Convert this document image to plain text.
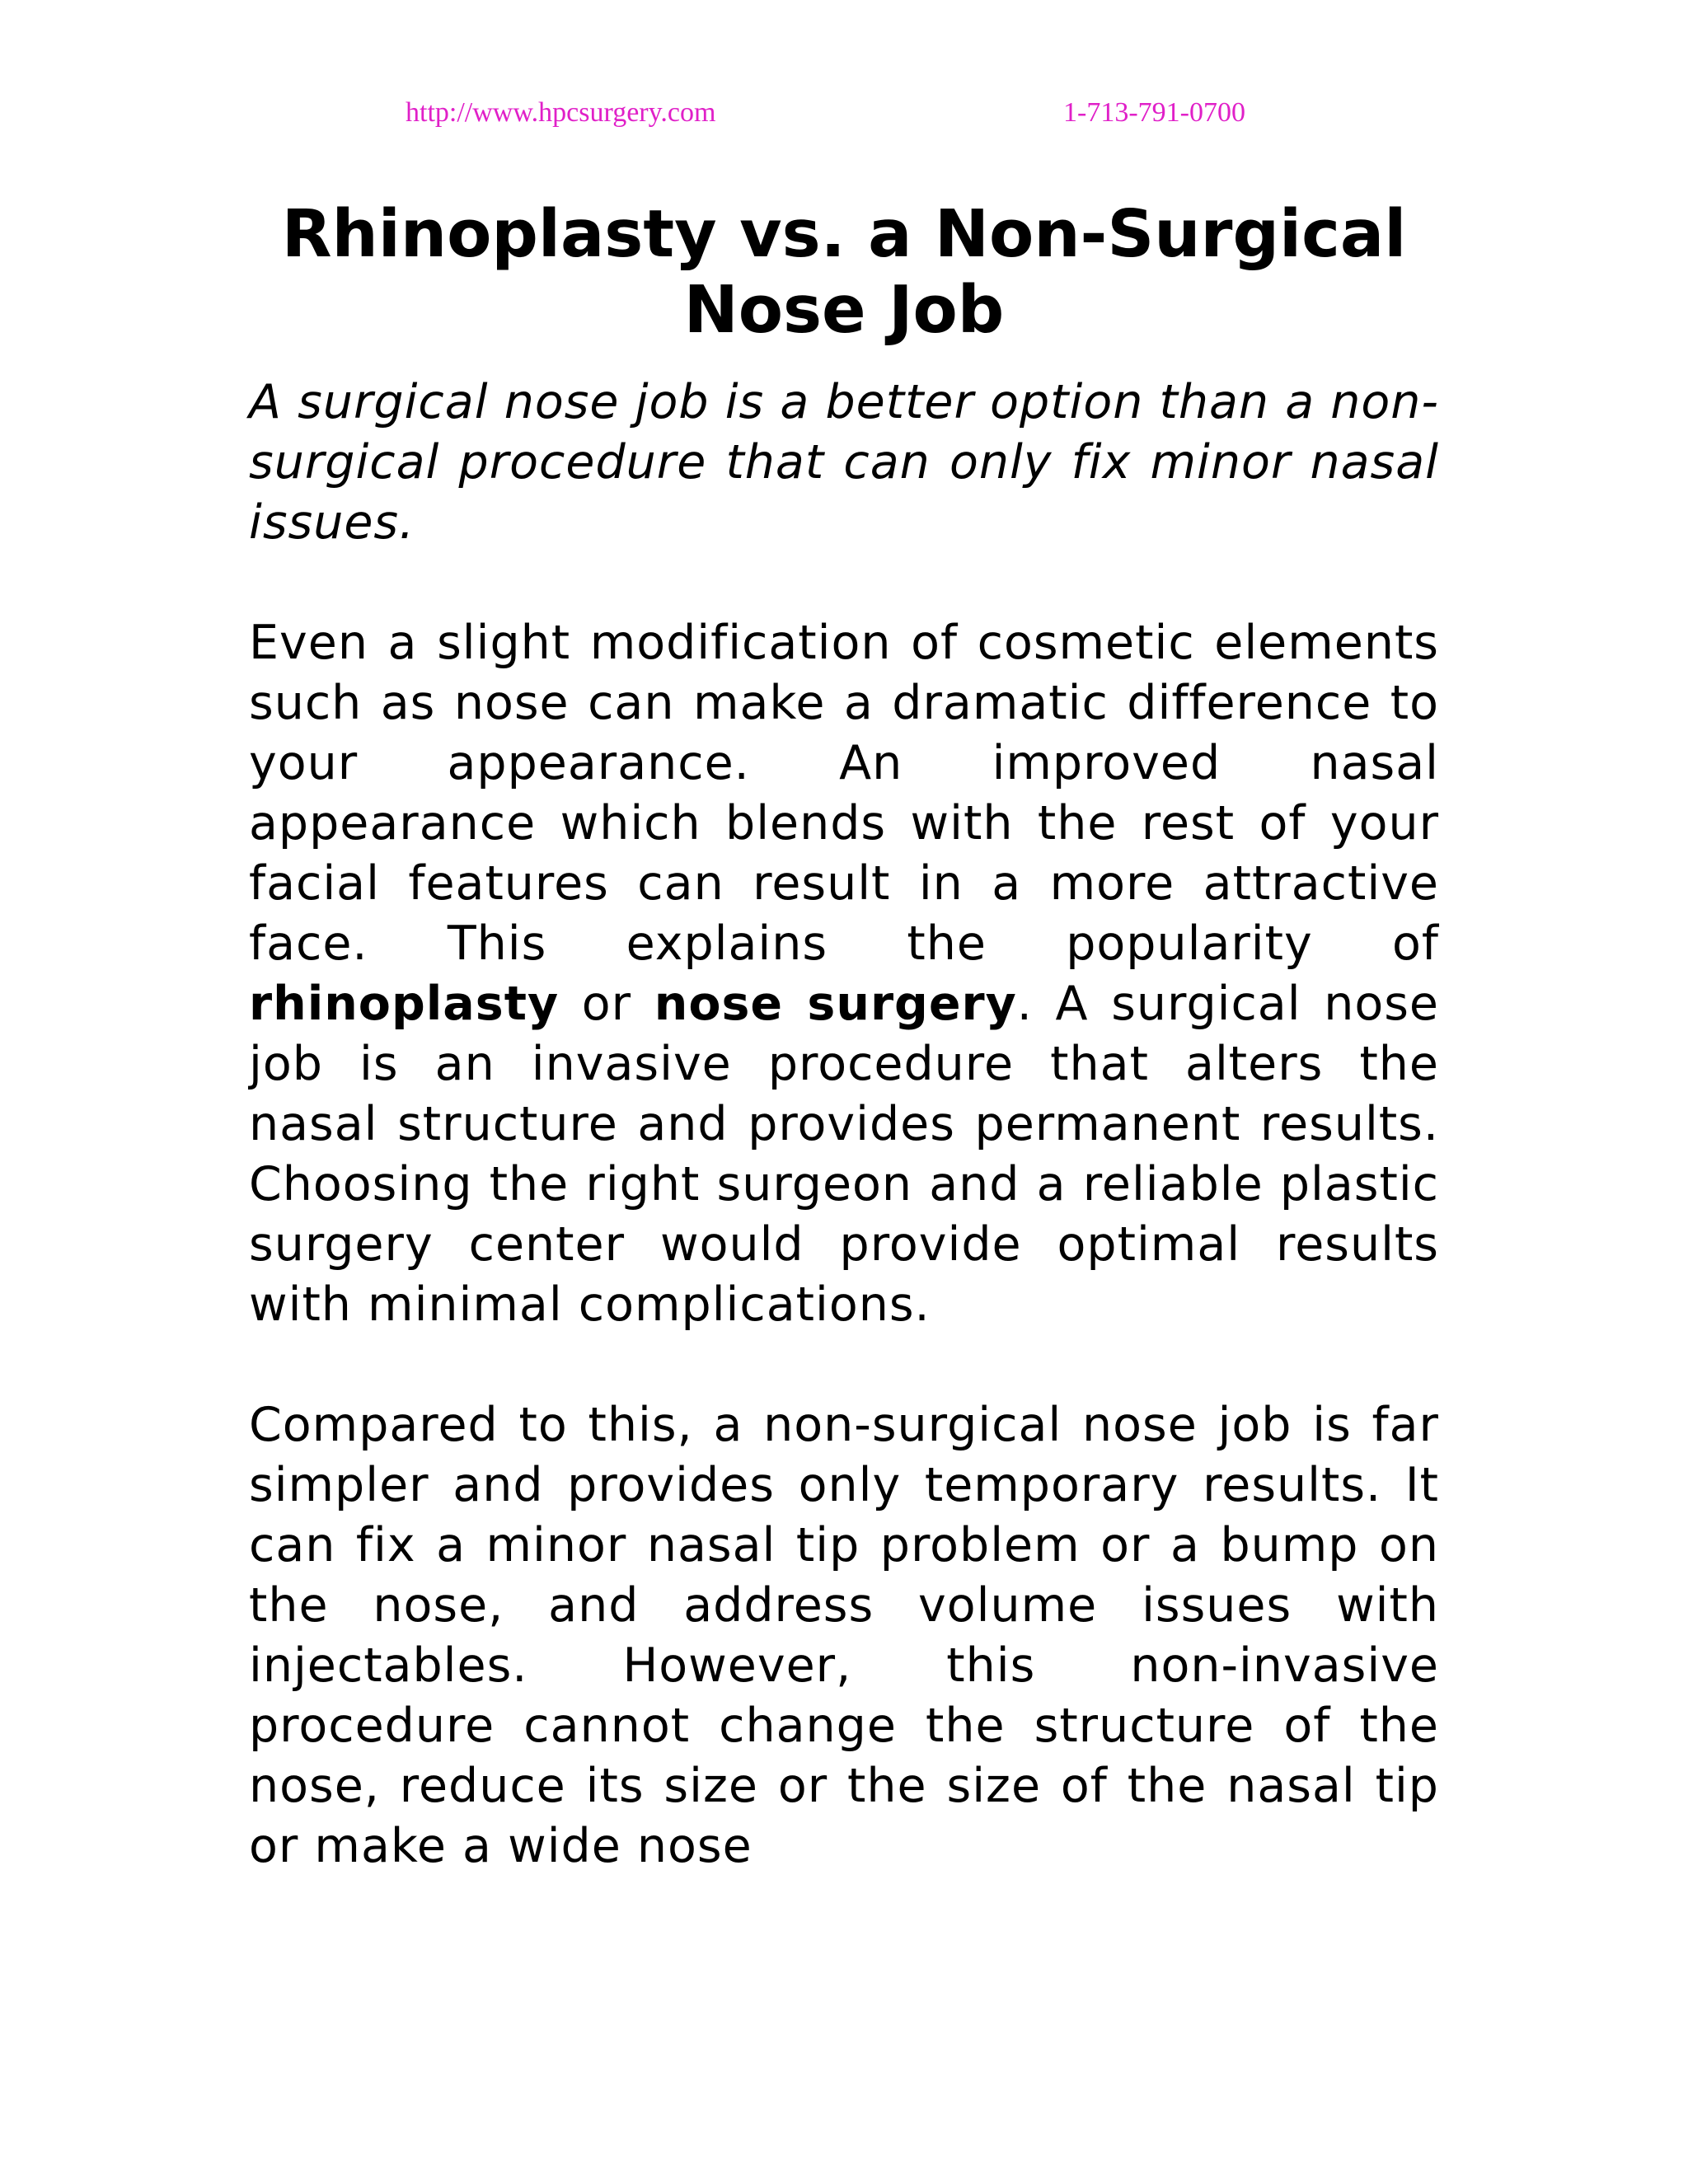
http://www.hpcsurgery.com	1-713-791-0700
Rhinoplasty vs. a Non-Surgical Nose Job

A surgical nose job is a better option than a non-surgical procedure that can only fix minor nasal issues.

Even a slight modification of cosmetic elements such as nose can make a dramatic difference to your appearance. An improved nasal appearance which blends with the rest of your facial features can result in a more attractive face. This explains the popularity of rhinoplasty or nose surgery. A surgical nose job is an invasive procedure that alters the nasal structure and provides permanent results. Choosing the right surgeon and a reliable plastic surgery center would provide optimal results with minimal complications.

Compared to this, a non-surgical nose job is far simpler and provides only temporary results. It can fix a minor nasal tip problem or a bump on the nose, and address volume issues with injectables. However, this non-invasive procedure cannot change the structure of the nose, reduce its size or the size of the nasal tip or make a wide nose
